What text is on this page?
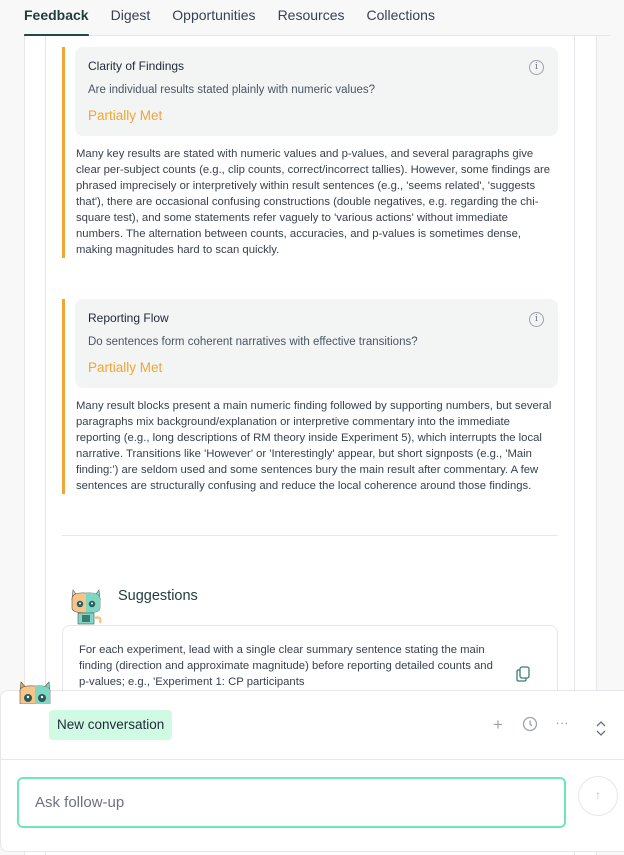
Feedback Digest Opportunities Resources Collections
Clarity of Findings
Are individual results stated plainly with numeric values?
Partially Met
i
Many key results are stated with numeric values and p-values, and several paragraphs give clear per-subject counts (e.g., clip counts, correct/incorrect tallies). However, some findings are phrased imprecisely or interpretively within result sentences (e.g., 'seems related', 'suggests that'), there are occasional confusing constructions (double negatives, e.g. regarding the chi-square test), and some statements refer vaguely to 'various actions' without immediate numbers. The alternation between counts, accuracies, and p-values is sometimes dense, making magnitudes hard to scan quickly.
Reporting Flow
Do sentences form coherent narratives with effective transitions?
Partially Met
i
Many result blocks present a main numeric finding followed by supporting numbers, but several paragraphs mix background/explanation or interpretive commentary into the immediate reporting (e.g., long descriptions of RM theory inside Experiment 5), which interrupts the local narrative. Transitions like 'However' or 'Interestingly' appear, but short signposts (e.g., 'Main finding:') are seldom used and some sentences bury the main result after commentary. A few sentences are structurally confusing and reduce the local coherence around those findings.
Suggestions
For each experiment, lead with a single clear summary sentence stating the main finding (direction and approximate magnitude) before reporting detailed counts and p-values; e.g., 'Experiment 1: CP participants
New conversation	+	···
Ask follow-up
↑
